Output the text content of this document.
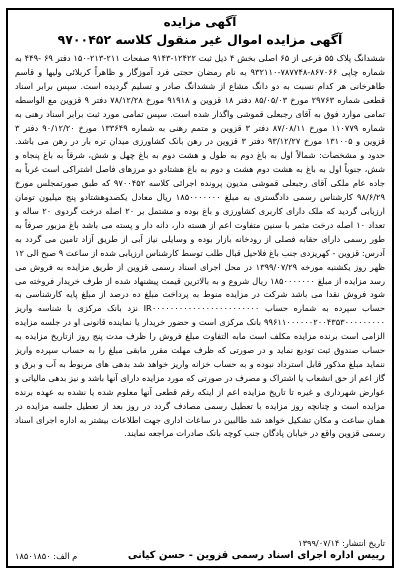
آگهی مزایده
آگهی مزایده اموال غیر منقول کلاسه ۹۷۰۰۴۵۲
ششدانگ پلاک ۵۵ فرعی از ۶۵ اصلی بخش ۴ ذیل ثبت ۱۲۴۲۲-۹۱۴۳ صفحات ۲۱۱-۲۱۳-۱۵۰ دفتر ۶۹ -۴۴۹ به شماره چاپی ۸۶۷۰۶۶-۷۸۷۷۴۸-۹۳۲۱۱۰ به نام رمضان حجتی فرد آموزگار و ظاهراً کربلائی ولیها و قاسم طاهرخانی هر کدام نسبت به دو دانگ مشاع از ششدانگ صادر و تسلیم گردیده است. سپس برابر اسناد قطعی شماره ۲۹۷۶۳ مورخ ۸۵/۰۵/۰۳ دفتر ۱۸ قزوین و ۹۱۹۱۸ مورخ ۷۸/۱۲/۲۸ دفتر ۹ قزوین مع الواسطه تمامی موارد فوق به آقای رجبعلی قموشی واگذار شده است. سپس تمامی مورد ثبت برابر اسناد رهنی به شماره ۱۱۰۷۷۹ مورخ ۸۷/۰۸/۱۱ دفتر ۳ قزوین و متمم رهنی به شماره ۱۳۳۶۴۹ مورخ ۹۰/۱۲/۲۰ دفتر ۳ قزوین و ۱۳۱۰۰۵ مورخ ۹۳/۱۲/۲۷ دفتر ۳ قزوین در رهن بانک کشاورزی میدان تره بار در رهن می باشد. حدود و مشخصات: شمالاً اول به باغ دوم به طول و هشت دوم به باغ چهل و شش، شرقاً به باغ پنجاه و شش، جنوباً اول به باغ به هشت دوم هشت و دوم به باغ هشتادو دو مرزهای فاصل اشتراکی است غرباً به جاده عام ملکی آقای رجبعلی قموشی مدیون پرونده اجرائی کلاسه ۹۷۰۰۴۵۲ که طبق صورتمجلس مورخ ۹۸/۶/۲۹ کارشناس رسمی دادگستری به مبلغ ۱۸۵۰۰۰۰۰۰۰ ریال معادل یکصدوهشتادو پنج میلیون تومان ارزیابی گردید که ملک دارای کاربری کشاورزی و باغ بوده و مشتمل بر ۲۰ اصله درخت گردوی ۲۰ ساله و تعداد ۱۰ اصله درخت مثمر با سنین متفاوت اعم از هسته دار، دانه دار و پسته می باشد باغ مزبور صرفاً به طور رسمی دارای حقابه فصلی از رودخانه بازار بوده و وسایلی نیاز آبی از طریق آزاد تامین می گردد به آدرس: قزوین - کهریزدی جنب باغ فلاحیل قبال طلب توسط کارشناس ارزیابی شده از ساعت ۹ صبح الی ۱۲ ظهر روز یکشنبه مورخه ۱۳۹۹/۰۷/۲۹ در محل اجرای اسناد رسمی قزوین از طریق مزایده به فروش می رسد مزایده از مبلغ ۱۸۵۰۰۰۰۰۰۰ ریال شروع و به بالاترین قیمت پیشنهاد شده از طرف خریدار فروخته می شود فروش نقدا می باشد شرکت در مزایده منوط به پرداخت مبلغ ده درصد از مبلغ پایه کارشناسی به حساب سپرده به شماره حساب IR۰۰۰۰۰۰۰۰۰۰۰۰۰۰۰۰۰۰۰۰۰۰۰۰ نزد بانک مرکزی با شناسه واریز ۹۹۶۱۱۰۰۰۰۰۰۲۰۰۴۳۵۳۰۰۰۰۰۰۰۰۰ بانک مرکزی است و حضور خریدار یا نماینده قانونی او در جلسه مزایده الزامی است برنده مزایده مکلف است مابه التفاوت مبلغ فروش را ظرف مدت پنج روز ازتاریخ مزایده به حساب صندوق ثبت تودیع نماید و در صورتی که ظرف مهلت مقرر مابقی مبلغ را به حساب سپرده واریز ننماید مبلغ مذکور قابل استرداد نبوده و به حساب خزانه واریز خواهد شد بدهی های مربوط به آب و برق و گاز اعم از حق انشعاب یا اشتراک و مصرف در صورتی که مورد مزایده دارای آنها باشد و نیز بدهی مالیاتی و عوارض شهرداری و غیره تا تاریخ مزایده اعم از اینکه رقم قطعی آنها معلوم شده یا نشده به عهده برنده مزایده است و چنانچه روز مزایده با تعطیل رسمی مصادف گردد در روز بعد از تعطیل جلسه مزایده در همان ساعت و مکان تشکیل خواهد شد طالبین در ساعات اداری جهت اطلاعات بیشتر به اداره اجرای اسناد رسمی قزوین واقع در خیابان پادگان جنب کوچه بانک صادرات مراجعه نمایند.
تاریخ انتشار: ۱۳۹۹/۰۷/۱۴
رییس اداره اجرای اسناد رسمی قزوین - حسن کیانی
م الف: ۱۸۵۰۱۸۵۰
